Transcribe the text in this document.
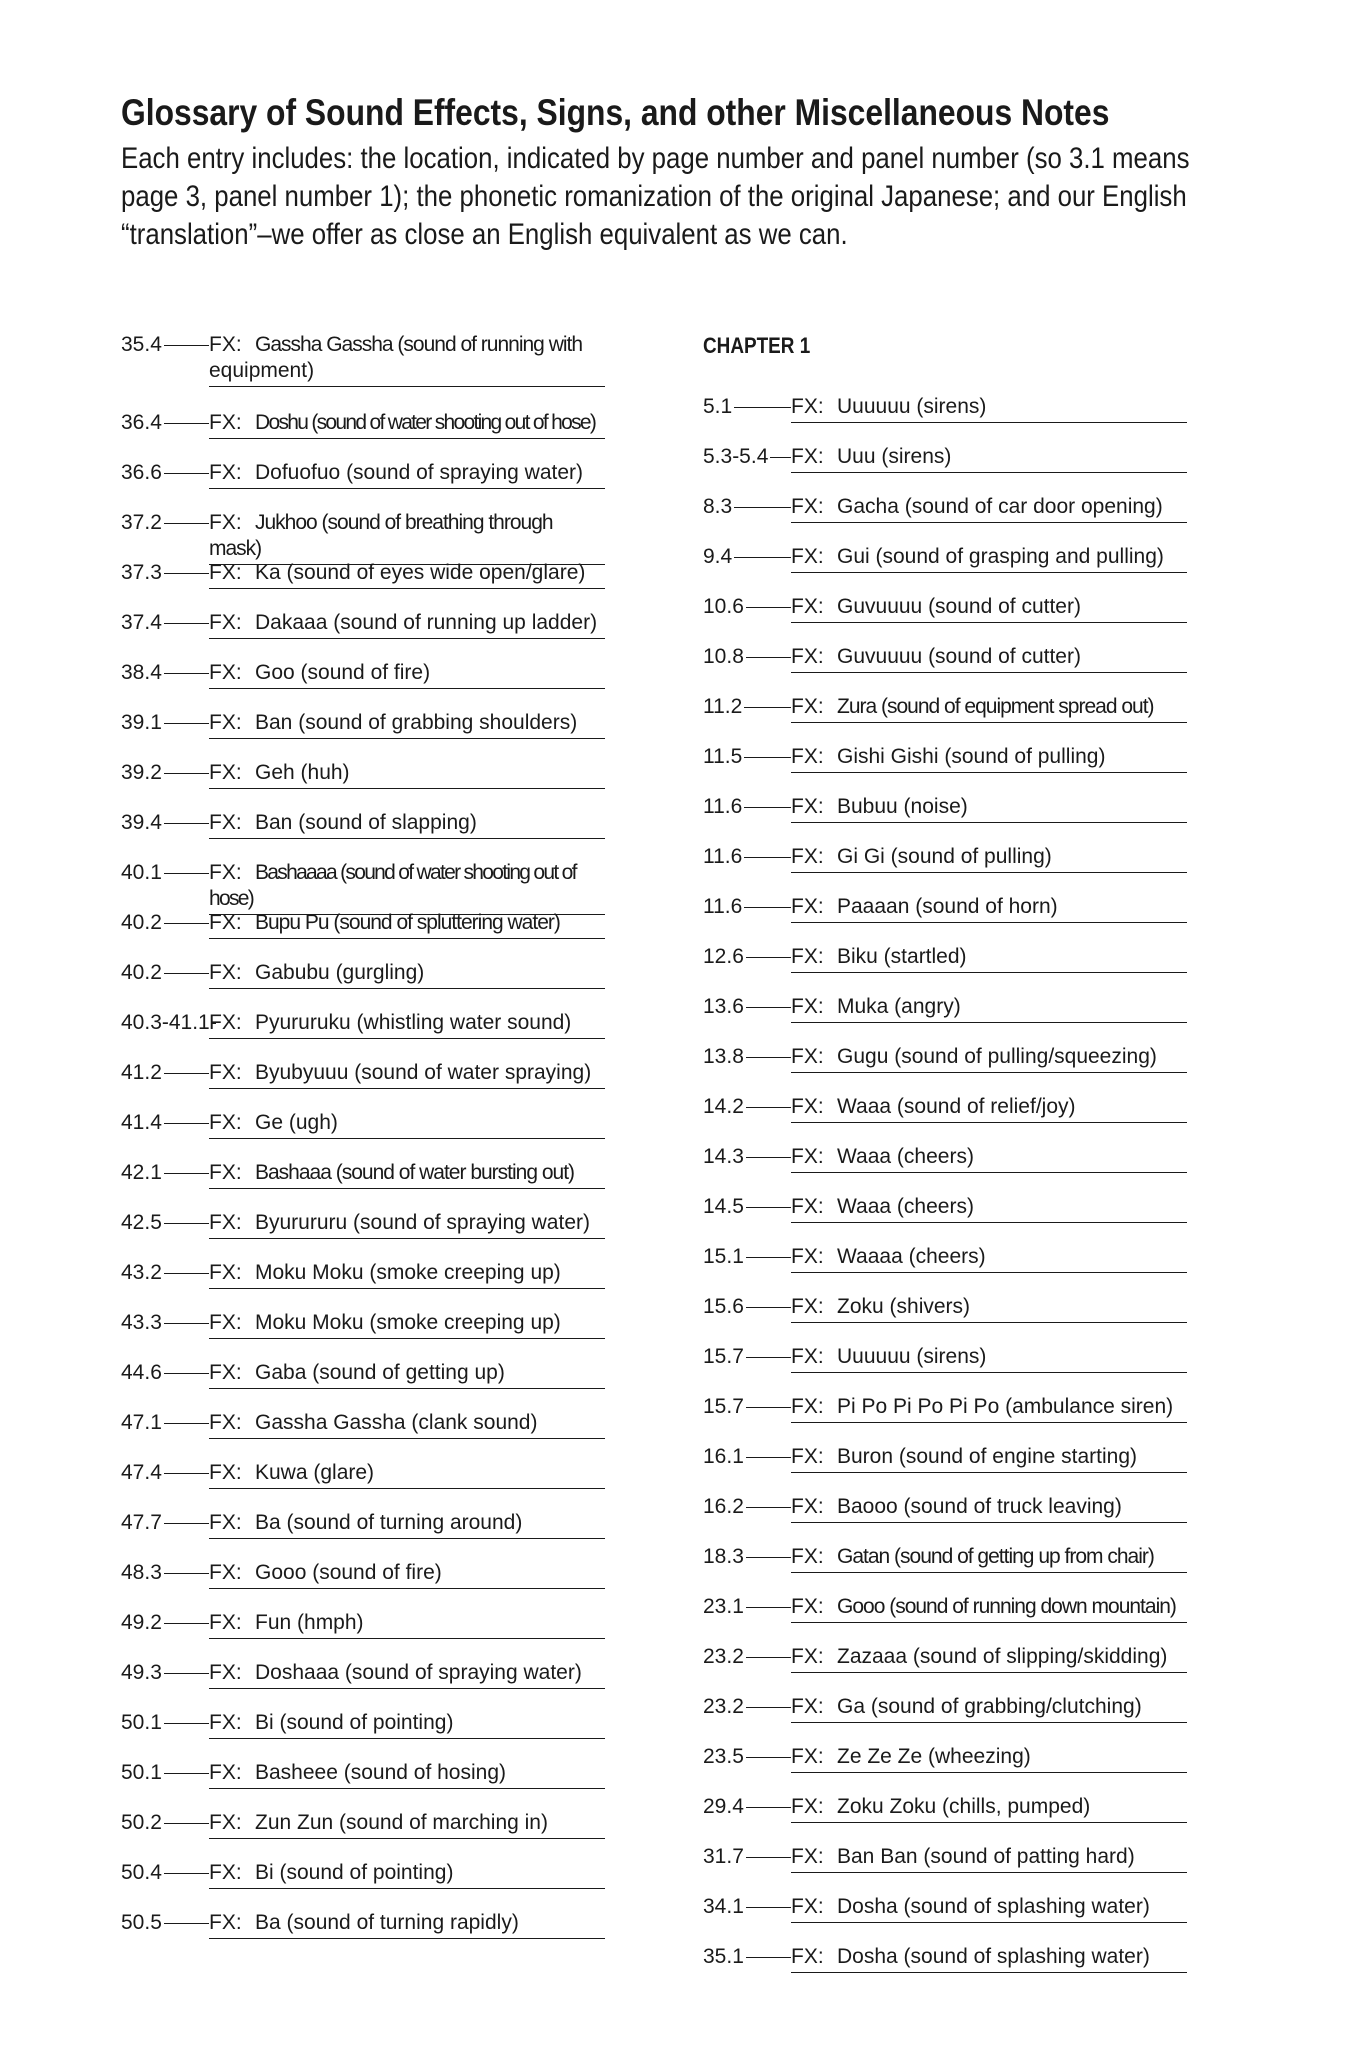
Glossary of Sound Effects, Signs, and other Miscellaneous Notes

Each entry includes: the location, indicated by page number and panel number (so 3.1 means page 3, panel number 1); the phonetic romanization of the original Japanese; and our English “translation”–we offer as close an English equivalent as we can.

35.4 FX: Gassha Gassha (sound of running with
equipment)
36.4 FX: Doshu (sound of water shooting out of hose)
36.6 FX: Dofuofuo (sound of spraying water)
37.2 FX: Jukhoo (sound of breathing through mask)
37.3 FX: Ka (sound of eyes wide open/glare)
37.4 FX: Dakaaa (sound of running up ladder)
38.4 FX: Goo (sound of fire)
39.1 FX: Ban (sound of grabbing shoulders)
39.2 FX: Geh (huh)
39.4 FX: Ban (sound of slapping)
40.1 FX: Bashaaaa (sound of water shooting out of hose)
40.2 FX: Bupu Pu (sound of spluttering water)
40.2 FX: Gabubu (gurgling)
40.3-41.1 FX: Pyururuku (whistling water sound)
41.2 FX: Byubyuuu (sound of water spraying)
41.4 FX: Ge (ugh)
42.1 FX: Bashaaa (sound of water bursting out)
42.5 FX: Byurururu (sound of spraying water)
43.2 FX: Moku Moku (smoke creeping up)
43.3 FX: Moku Moku (smoke creeping up)
44.6 FX: Gaba (sound of getting up)
47.1 FX: Gassha Gassha (clank sound)
47.4 FX: Kuwa (glare)
47.7 FX: Ba (sound of turning around)
48.3 FX: Gooo (sound of fire)
49.2 FX: Fun (hmph)
49.3 FX: Doshaaa (sound of spraying water)
50.1 FX: Bi (sound of pointing)
50.1 FX: Basheee (sound of hosing)
50.2 FX: Zun Zun (sound of marching in)
50.4 FX: Bi (sound of pointing)
50.5 FX: Ba (sound of turning rapidly)
CHAPTER 1
5.1	FX: Uuuuuu (sirens)
5.3-5.4 FX: Uuu (sirens)
8.3	FX: Gacha (sound of car door opening)
9.4	FX: Gui (sound of grasping and pulling)
10.6 FX: Guvuuuu (sound of cutter)
10.8 FX: Guvuuuu (sound of cutter)
11.2 FX: Zura (sound of equipment spread out)
11.5 FX: Gishi Gishi (sound of pulling)
11.6 FX: Bubuu (noise)
11.6 FX: Gi Gi (sound of pulling)
11.6 FX: Paaaan (sound of horn)
12.6 FX: Biku (startled)
13.6 FX: Muka (angry)
13.8 FX: Gugu (sound of pulling/squeezing)
14.2 FX: Waaa (sound of relief/joy)
14.3 FX: Waaa (cheers)
14.5 FX: Waaa (cheers)
15.1 FX: Waaaa (cheers)
15.6 FX: Zoku (shivers)
15.7 FX: Uuuuuu (sirens)
15.7 FX: Pi Po Pi Po Pi Po (ambulance siren)
16.1 FX: Buron (sound of engine starting)
16.2 FX: Baooo (sound of truck leaving)
18.3 FX: Gatan (sound of getting up from chair)
23.1 FX: Gooo (sound of running down mountain)
23.2 FX: Zazaaa (sound of slipping/skidding)
23.2 FX: Ga (sound of grabbing/clutching)
23.5 FX: Ze Ze Ze (wheezing)
29.4 FX: Zoku Zoku (chills, pumped)
31.7 FX: Ban Ban (sound of patting hard)
34.1 FX: Dosha (sound of splashing water)
35.1 FX: Dosha (sound of splashing water)
